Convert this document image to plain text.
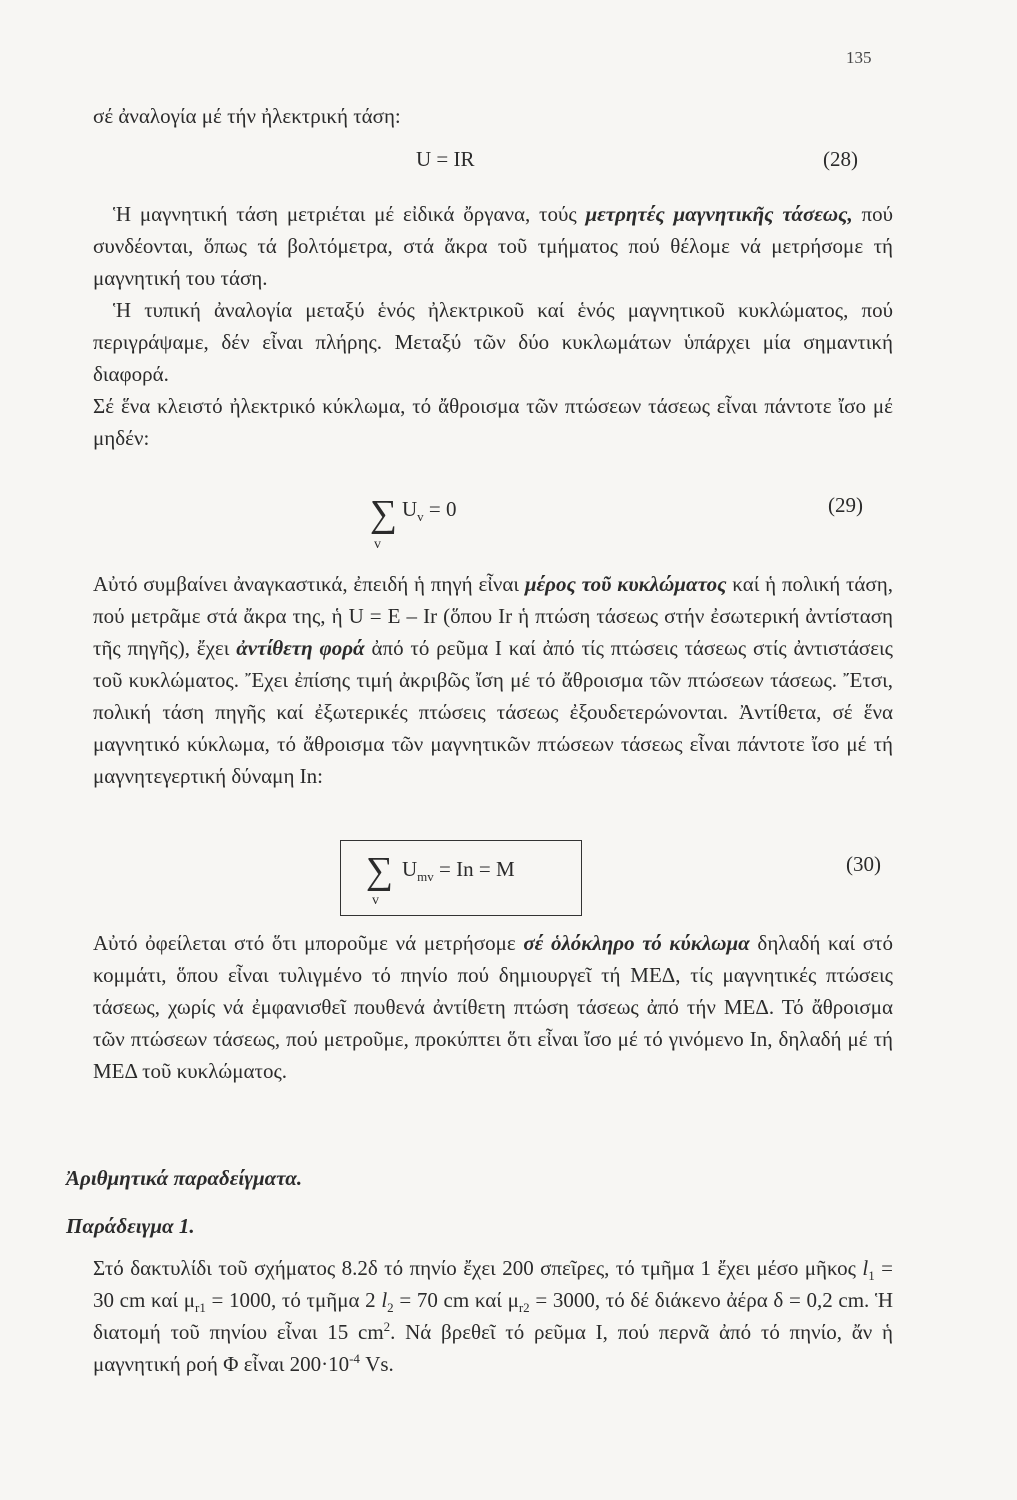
135

σέ ἀναλογία μέ τήν ἠλεκτρική τάση:

U = IR	(28)

Ἡ μαγνητική τάση μετριέται μέ εἰδικά ὄργανα, τούς μετρητές μαγνητικῆς τάσεως, πού συνδέονται, ὅπως τά βολτόμετρα, στά ἄκρα τοῦ τμήματος πού θέλομε νά μετρήσομε τή μαγνητική του τάση.

Ἡ τυπική ἀναλογία μεταξύ ἑνός ἠλεκτρικοῦ καί ἑνός μαγνητικοῦ κυκλώματος, πού περιγράψαμε, δέν εἶναι πλήρης. Μεταξύ τῶν δύο κυκλωμάτων ὑπάρχει μία σημαντική διαφορά.

Σέ ἕνα κλειστό ἠλεκτρικό κύκλωμα, τό ἄθροισμα τῶν πτώσεων τάσεως εἶναι πάντοτε ἴσο μέ μηδέν:

∑
v
$U_v = 0$	(29)

Αὐτό συμβαίνει ἀναγκαστικά, ἐπειδή ἡ πηγή εἶναι μέρος τοῦ κυκλώματος καί ἡ πολική τάση, πού μετρᾶμε στά ἄκρα της, ἡ U = E – Ir (ὅπου Ir ἡ πτώση τάσεως στήν ἐσωτερική ἀντίσταση τῆς πηγῆς), ἔχει ἀντίθετη φορά ἀπό τό ρεῦμα I καί ἀπό τίς πτώσεις τάσεως στίς ἀντιστάσεις τοῦ κυκλώματος. Ἔχει ἐπίσης τιμή ἀκριβῶς ἴση μέ τό ἄθροισμα τῶν πτώσεων τάσεως. Ἔτσι, πολική τάση πηγῆς καί ἐξωτερικές πτώσεις τάσεως ἐξουδετερώνονται. Ἀντίθετα, σέ ἕνα μαγνητικό κύκλωμα, τό ἄθροισμα τῶν μαγνητικῶν πτώσεων τάσεως εἶναι πάντοτε ἴσο μέ τή μαγνητεγερτική δύναμη In:

∑
v
$U_{mv} = In = M$	(30)

Αὐτό ὀφείλεται στό ὅτι μποροῦμε νά μετρήσομε σέ ὁλόκληρο τό κύκλωμα δηλαδή καί στό κομμάτι, ὅπου εἶναι τυλιγμένο τό πηνίο πού δημιουργεῖ τή ΜΕΔ, τίς μαγνητικές πτώσεις τάσεως, χωρίς νά ἐμφανισθεῖ πουθενά ἀντίθετη πτώση τάσεως ἀπό τήν ΜΕΔ. Τό ἄθροισμα τῶν πτώσεων τάσεως, πού μετροῦμε, προκύπτει ὅτι εἶναι ἴσο μέ τό γινόμενο In, δηλαδή μέ τή ΜΕΔ τοῦ κυκλώματος.

Ἀριθμητικά παραδείγματα.
Παράδειγμα 1.

Στό δακτυλίδι τοῦ σχήματος 8.2δ τό πηνίο ἔχει 200 σπεῖρες, τό τμῆμα 1 ἔχει μέσο μῆκος $l_1 = 30$ cm καί $\mu_{r1} = 1000$, τό τμῆμα 2 $l_2 = 70$ cm καί $\mu_{r2} = 3000$, τό δέ διάκενο ἀέρα δ = 0,2 cm. Ἡ διατομή τοῦ πηνίου εἶναι 15 $cm^2$. Νά βρεθεῖ τό ρεῦμα I, πού περνᾶ ἀπό τό πηνίο, ἄν ἡ μαγνητική ροή Φ εἶναι $200\cdot 10^{-4}$ Vs.
